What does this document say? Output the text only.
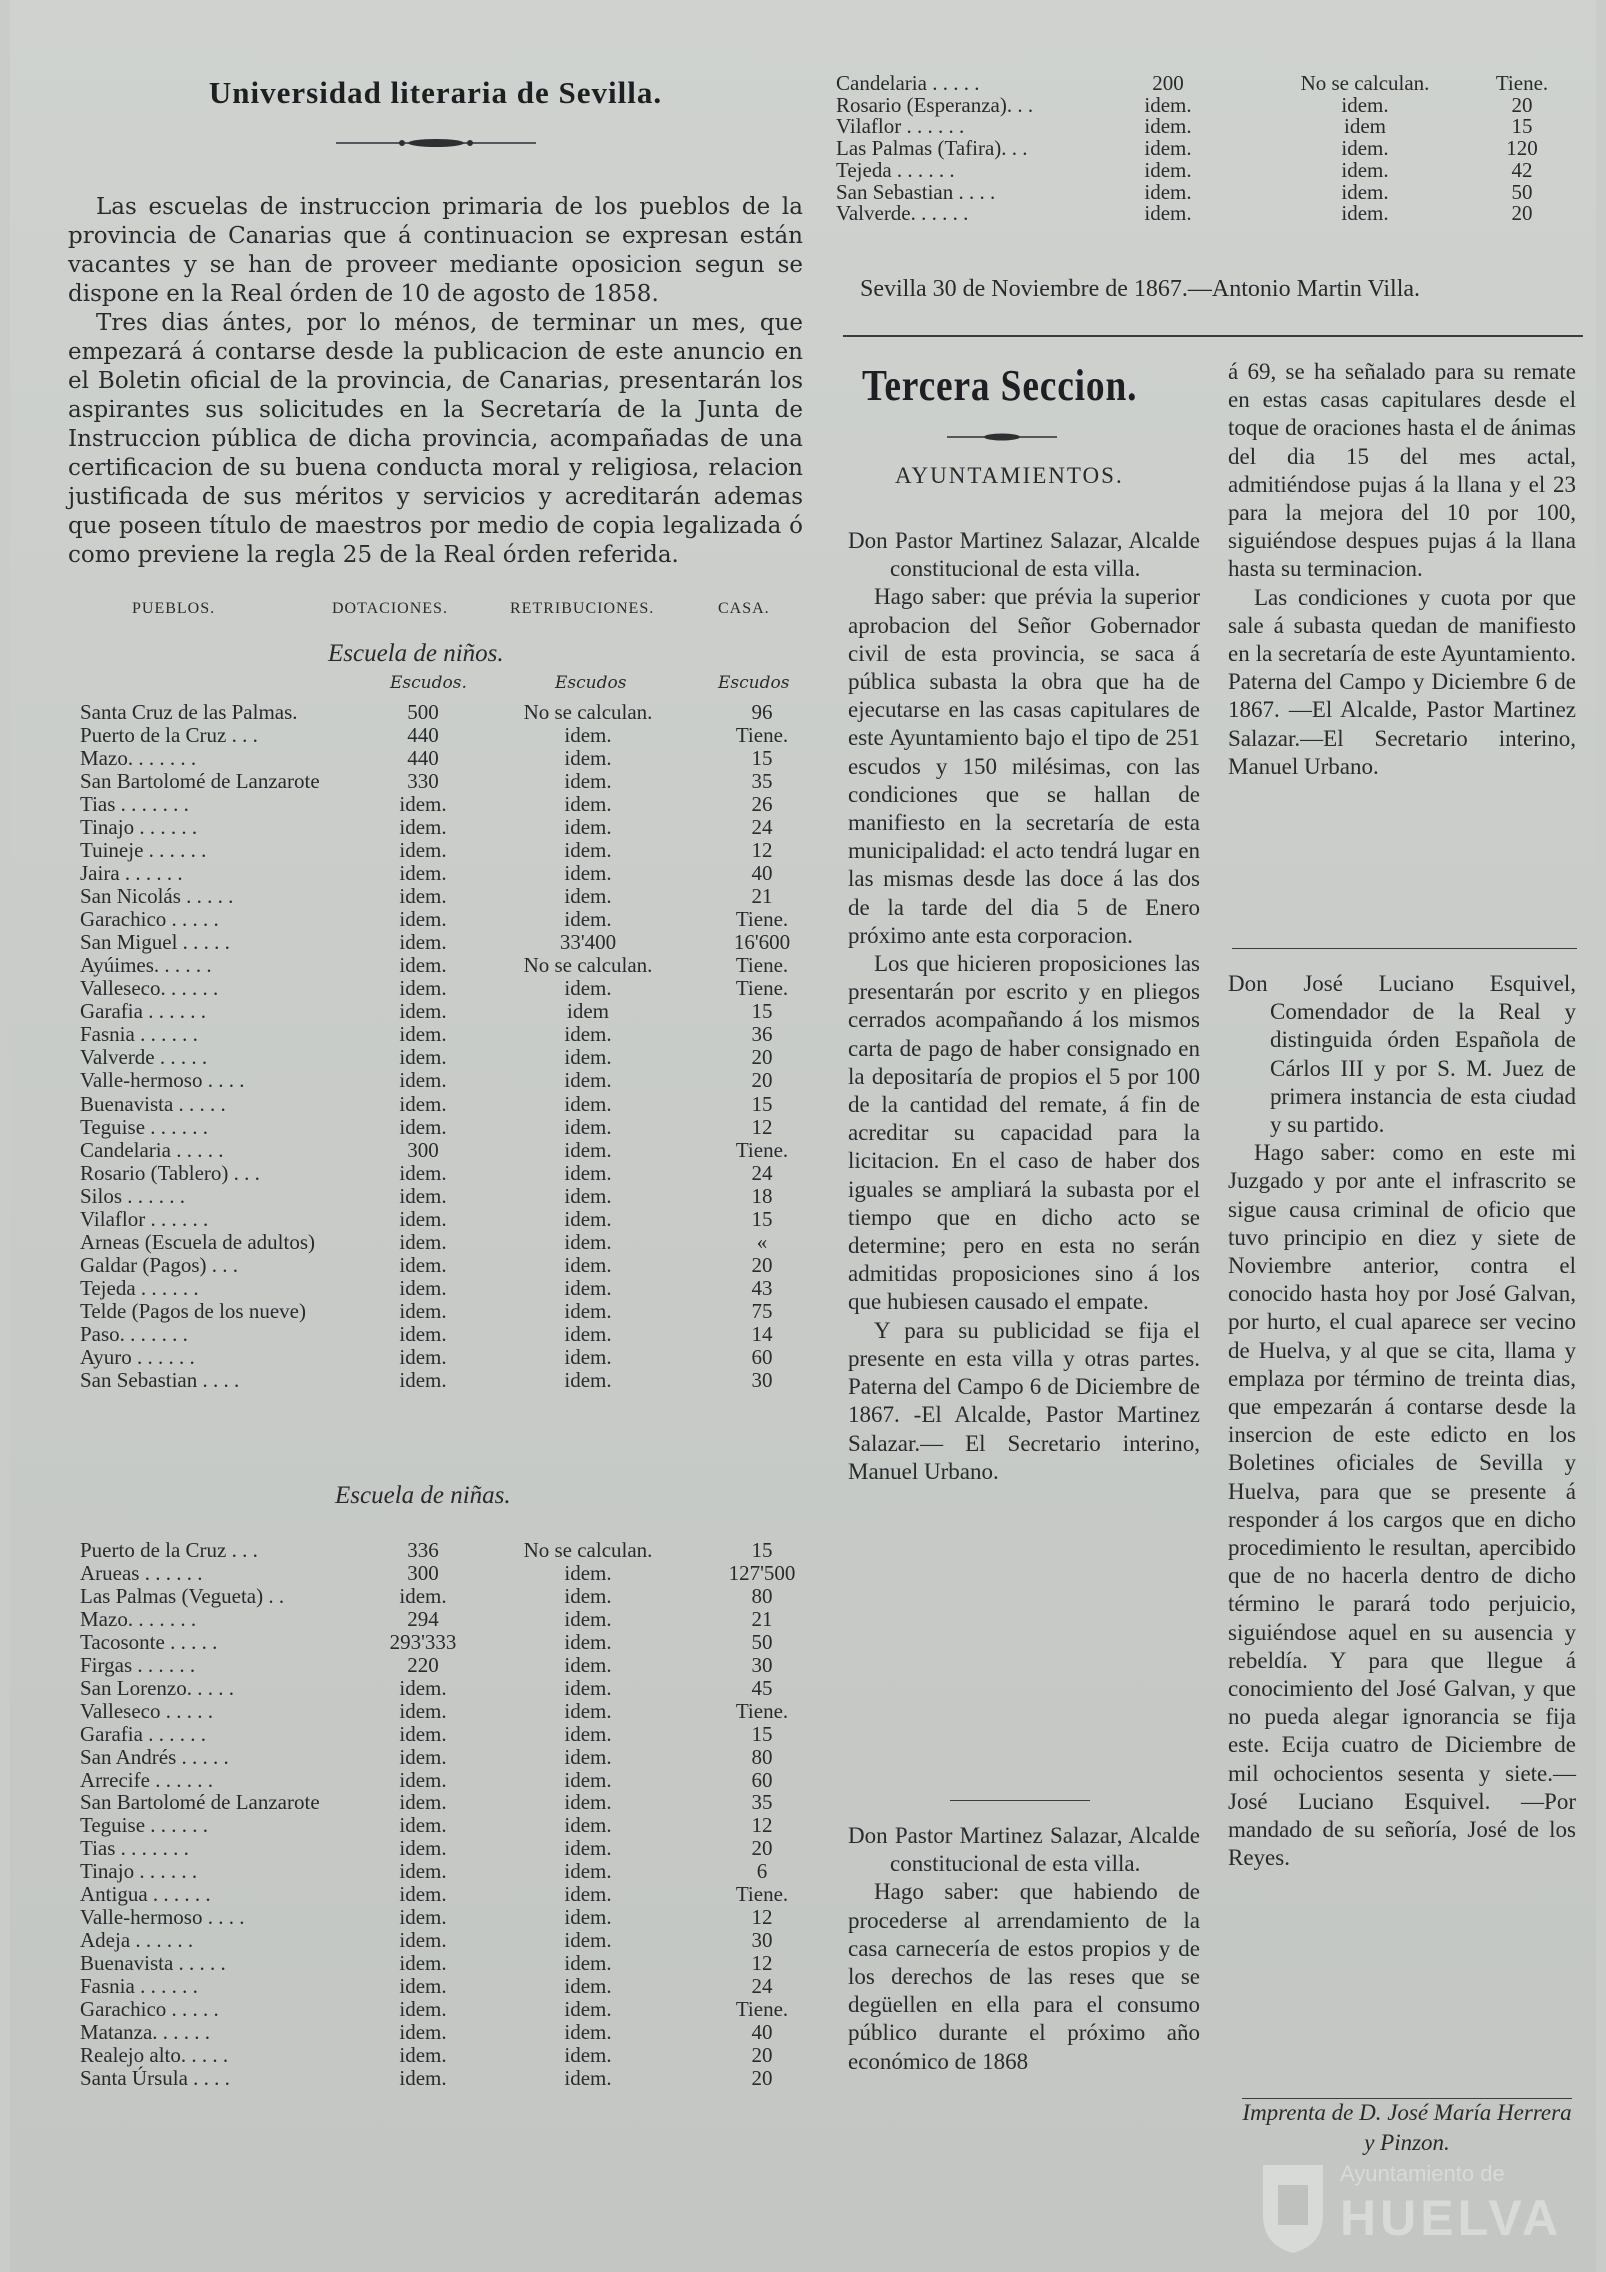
Universidad literaria de Sevilla.

Las escuelas de instruccion primaria de los pueblos de la provincia de Canarias que á continuacion se expresan están vacantes y se han de proveer mediante oposicion segun se dispone en la Real órden de 10 de agosto de 1858.

Tres dias ántes, por lo ménos, de terminar un mes, que empezará á contarse desde la publicacion de este anuncio en el Boletin oficial de la provincia, de Canarias, presentarán los aspirantes sus solicitudes en la Secretaría de la Junta de Instruccion pública de dicha provincia, acompañadas de una certificacion de su buena conducta moral y religiosa, relacion justificada de sus méritos y servicios y acreditarán ademas que poseen título de maestros por medio de copia legalizada ó como previene la regla 25 de la Real órden referida.

PUEBLOS.	DOTACIONES.	RETRIBUCIONES.	CASA.
Escuela de niños.
Escudos.	Escudos	Escudos
Santa Cruz de las Palmas.	500	No se calculan.	96
Puerto de la Cruz . . .	440	idem.	Tiene.
Mazo. . . . . . .	440	idem.	15
San Bartolomé de Lanzarote	330	idem.	35
Tias . . . . . . .	idem.	idem.	26
Tinajo . . . . . .	idem.	idem.	24
Tuineje . . . . . .	idem.	idem.	12
Jaira . . . . . .	idem.	idem.	40
San Nicolás . . . . .	idem.	idem.	21
Garachico . . . . .	idem.	idem.	Tiene.
San Miguel . . . . .	idem.	33'400	16'600
Ayúimes. . . . . .	idem.	No se calculan.	Tiene.
Valleseco. . . . . .	idem.	idem.	Tiene.
Garafia . . . . . .	idem.	idem	15
Fasnia . . . . . .	idem.	idem.	36
Valverde . . . . .	idem.	idem.	20
Valle-hermoso . . . .	idem.	idem.	20
Buenavista . . . . .	idem.	idem.	15
Teguise . . . . . .	idem.	idem.	12
Candelaria . . . . .	300	idem.	Tiene.
Rosario (Tablero) . . .	idem.	idem.	24
Silos . . . . . .	idem.	idem.	18
Vilaflor . . . . . .	idem.	idem.	15
Arneas (Escuela de adultos)	idem.	idem.	«
Galdar (Pagos) . . .	idem.	idem.	20
Tejeda . . . . . .	idem.	idem.	43
Telde (Pagos de los nueve)	idem.	idem.	75
Paso. . . . . . .	idem.	idem.	14
Ayuro . . . . . .	idem.	idem.	60
San Sebastian . . . .	idem.	idem.	30
Escuela de niñas.
Puerto de la Cruz . . .	336	No se calculan.	15
Arueas . . . . . .	300	idem.	127'500
Las Palmas (Vegueta) . .	idem.	idem.	80
Mazo. . . . . . .	294	idem.	21
Tacosonte . . . . .	293'333	idem.	50
Firgas . . . . . .	220	idem.	30
San Lorenzo. . . . .	idem.	idem.	45
Valleseco . . . . .	idem.	idem.	Tiene.
Garafia . . . . . .	idem.	idem.	15
San Andrés . . . . .	idem.	idem.	80
Arrecife . . . . . .	idem.	idem.	60
San Bartolomé de Lanzarote	idem.	idem.	35
Teguise . . . . . .	idem.	idem.	12
Tias . . . . . . .	idem.	idem.	20
Tinajo . . . . . .	idem.	idem.	6
Antigua . . . . . .	idem.	idem.	Tiene.
Valle-hermoso . . . .	idem.	idem.	12
Adeja . . . . . .	idem.	idem.	30
Buenavista . . . . .	idem.	idem.	12
Fasnia . . . . . .	idem.	idem.	24
Garachico . . . . .	idem.	idem.	Tiene.
Matanza. . . . . .	idem.	idem.	40
Realejo alto. . . . .	idem.	idem.	20
Santa Úrsula . . . .	idem.	idem.	20
Candelaria . . . . .	200	No se calculan.	Tiene.
Rosario (Esperanza). . .	idem.	idem.	20
Vilaflor . . . . . .	idem.	idem	15
Las Palmas (Tafira). . .	idem.	idem.	120
Tejeda . . . . . .	idem.	idem.	42
San Sebastian . . . .	idem.	idem.	50
Valverde. . . . . .	idem.	idem.	20
Sevilla 30 de Noviembre de 1867.—Antonio Martin Villa.
Tercera Seccion.
AYUNTAMIENTOS.

Don Pastor Martinez Salazar, Alcalde constitucional de esta villa.

Hago saber: que prévia la superior aprobacion del Señor Gobernador civil de esta provincia, se saca á pública subasta la obra que ha de ejecutarse en las casas capitulares de este Ayuntamiento bajo el tipo de 251 escudos y 150 milésimas, con las condiciones que se hallan de manifiesto en la secretaría de esta municipalidad: el acto tendrá lugar en las mismas desde las doce á las dos de la tarde del dia 5 de Enero próximo ante esta corporacion.

Los que hicieren proposiciones las presentarán por escrito y en pliegos cerrados acompañando á los mismos carta de pago de haber consignado en la depositaría de propios el 5 por 100 de la cantidad del remate, á fin de acreditar su capacidad para la licitacion. En el caso de haber dos iguales se ampliará la subasta por el tiempo que en dicho acto se determine; pero en esta no serán admitidas proposiciones sino á los que hubiesen causado el empate.

Y para su publicidad se fija el presente en esta villa y otras partes. Paterna del Campo 6 de Diciembre de 1867. -El Alcalde, Pastor Martinez Salazar.— El Secretario interino, Manuel Urbano.

Don Pastor Martinez Salazar, Alcalde constitucional de esta villa.

Hago saber: que habiendo de procederse al arrendamiento de la casa carnecería de estos propios y de los derechos de las reses que se degüellen en ella para el consumo público durante el próximo año económico de 1868

á 69, se ha señalado para su remate en estas casas capitulares desde el toque de oraciones hasta el de ánimas del dia 15 del mes actal, admitiéndose pujas á la llana y el 23 para la mejora del 10 por 100, siguiéndose despues pujas á la llana hasta su terminacion.

Las condiciones y cuota por que sale á subasta quedan de manifiesto en la secretaría de este Ayuntamiento. Paterna del Campo y Diciembre 6 de 1867. —El Alcalde, Pastor Martinez Salazar.—El Secretario interino, Manuel Urbano.

Don José Luciano Esquivel, Comendador de la Real y distinguida órden Española de Cárlos III y por S. M. Juez de primera instancia de esta ciudad y su partido.

Hago saber: como en este mi Juzgado y por ante el infrascrito se sigue causa criminal de oficio que tuvo principio en diez y siete de Noviembre anterior, contra el conocido hasta hoy por José Galvan, por hurto, el cual aparece ser vecino de Huelva, y al que se cita, llama y emplaza por término de treinta dias, que empezarán á contarse desde la insercion de este edicto en los Boletines oficiales de Sevilla y Huelva, para que se presente á responder á los cargos que en dicho procedimiento le resultan, apercibido que de no hacerla dentro de dicho término le parará todo perjuicio, siguiéndose aquel en su ausencia y rebeldía. Y para que llegue á conocimiento del José Galvan, y que no pueda alegar ignorancia se fija este. Ecija cuatro de Diciembre de mil ochocientos sesenta y siete.—José Luciano Esquivel. —Por mandado de su señoría, José de los Reyes.

Imprenta de D. José María Herrera y Pinzon.
Ayuntamiento de
HUELVA
